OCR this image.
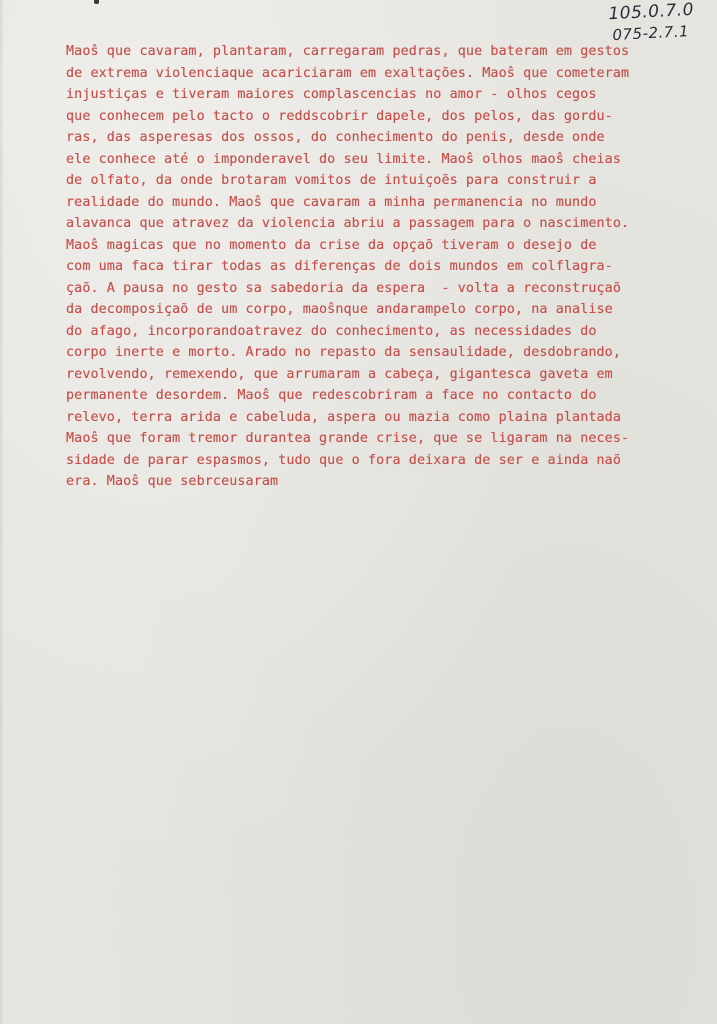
105.0.7.0
075-2.7.1
Maoŝ que cavaram, plantaram, carregaram pedras, que bateram em gestos
de extrema violenciaque acariciaram em exaltações. Maoŝ que cometeram
injustiças e tiveram maiores complascencias no amor - olhos cegos
que conhecem pelo tacto o reddscobrir dapele, dos pelos, das gordu-
ras, das asperesas dos ossos, do conhecimento do penis, desde onde
ele conhece até o imponderavel do seu limite. Maoŝ olhos maoŝ cheias
de olfato, da onde brotaram vomitos de intuiçoẽs para construir a
realidade do mundo. Maoŝ que cavaram a minha permanencia no mundo
alavanca que atravez da violencia abriu a passagem para o nascimento.
Maoŝ magicas que no momento da crise da opçaõ tiveram o desejo de
com uma faca tirar todas as diferenças de dois mundos em colflagra-
çaõ. A pausa no gesto sa sabedoria da espera  - volta a reconstruçaõ
da decomposiçaõ de um corpo, maoŝnque andarampelo corpo, na analise
do afago, incorporandoatravez do conhecimento, as necessidades do
corpo inerte e morto. Arado no repasto da sensaulidade, desdobrando,
revolvendo, remexendo, que arrumaram a cabeça, gigantesca gaveta em
permanente desordem. Maoŝ que redescobriram a face no contacto do
relevo, terra arida e cabeluda, aspera ou mazia como plaina plantada
Maoŝ que foram tremor durantea grande crise, que se ligaram na neces-
sidade de parar espasmos, tudo que o fora deixara de ser e ainda naõ
era. Maoŝ que sebrceusaram
